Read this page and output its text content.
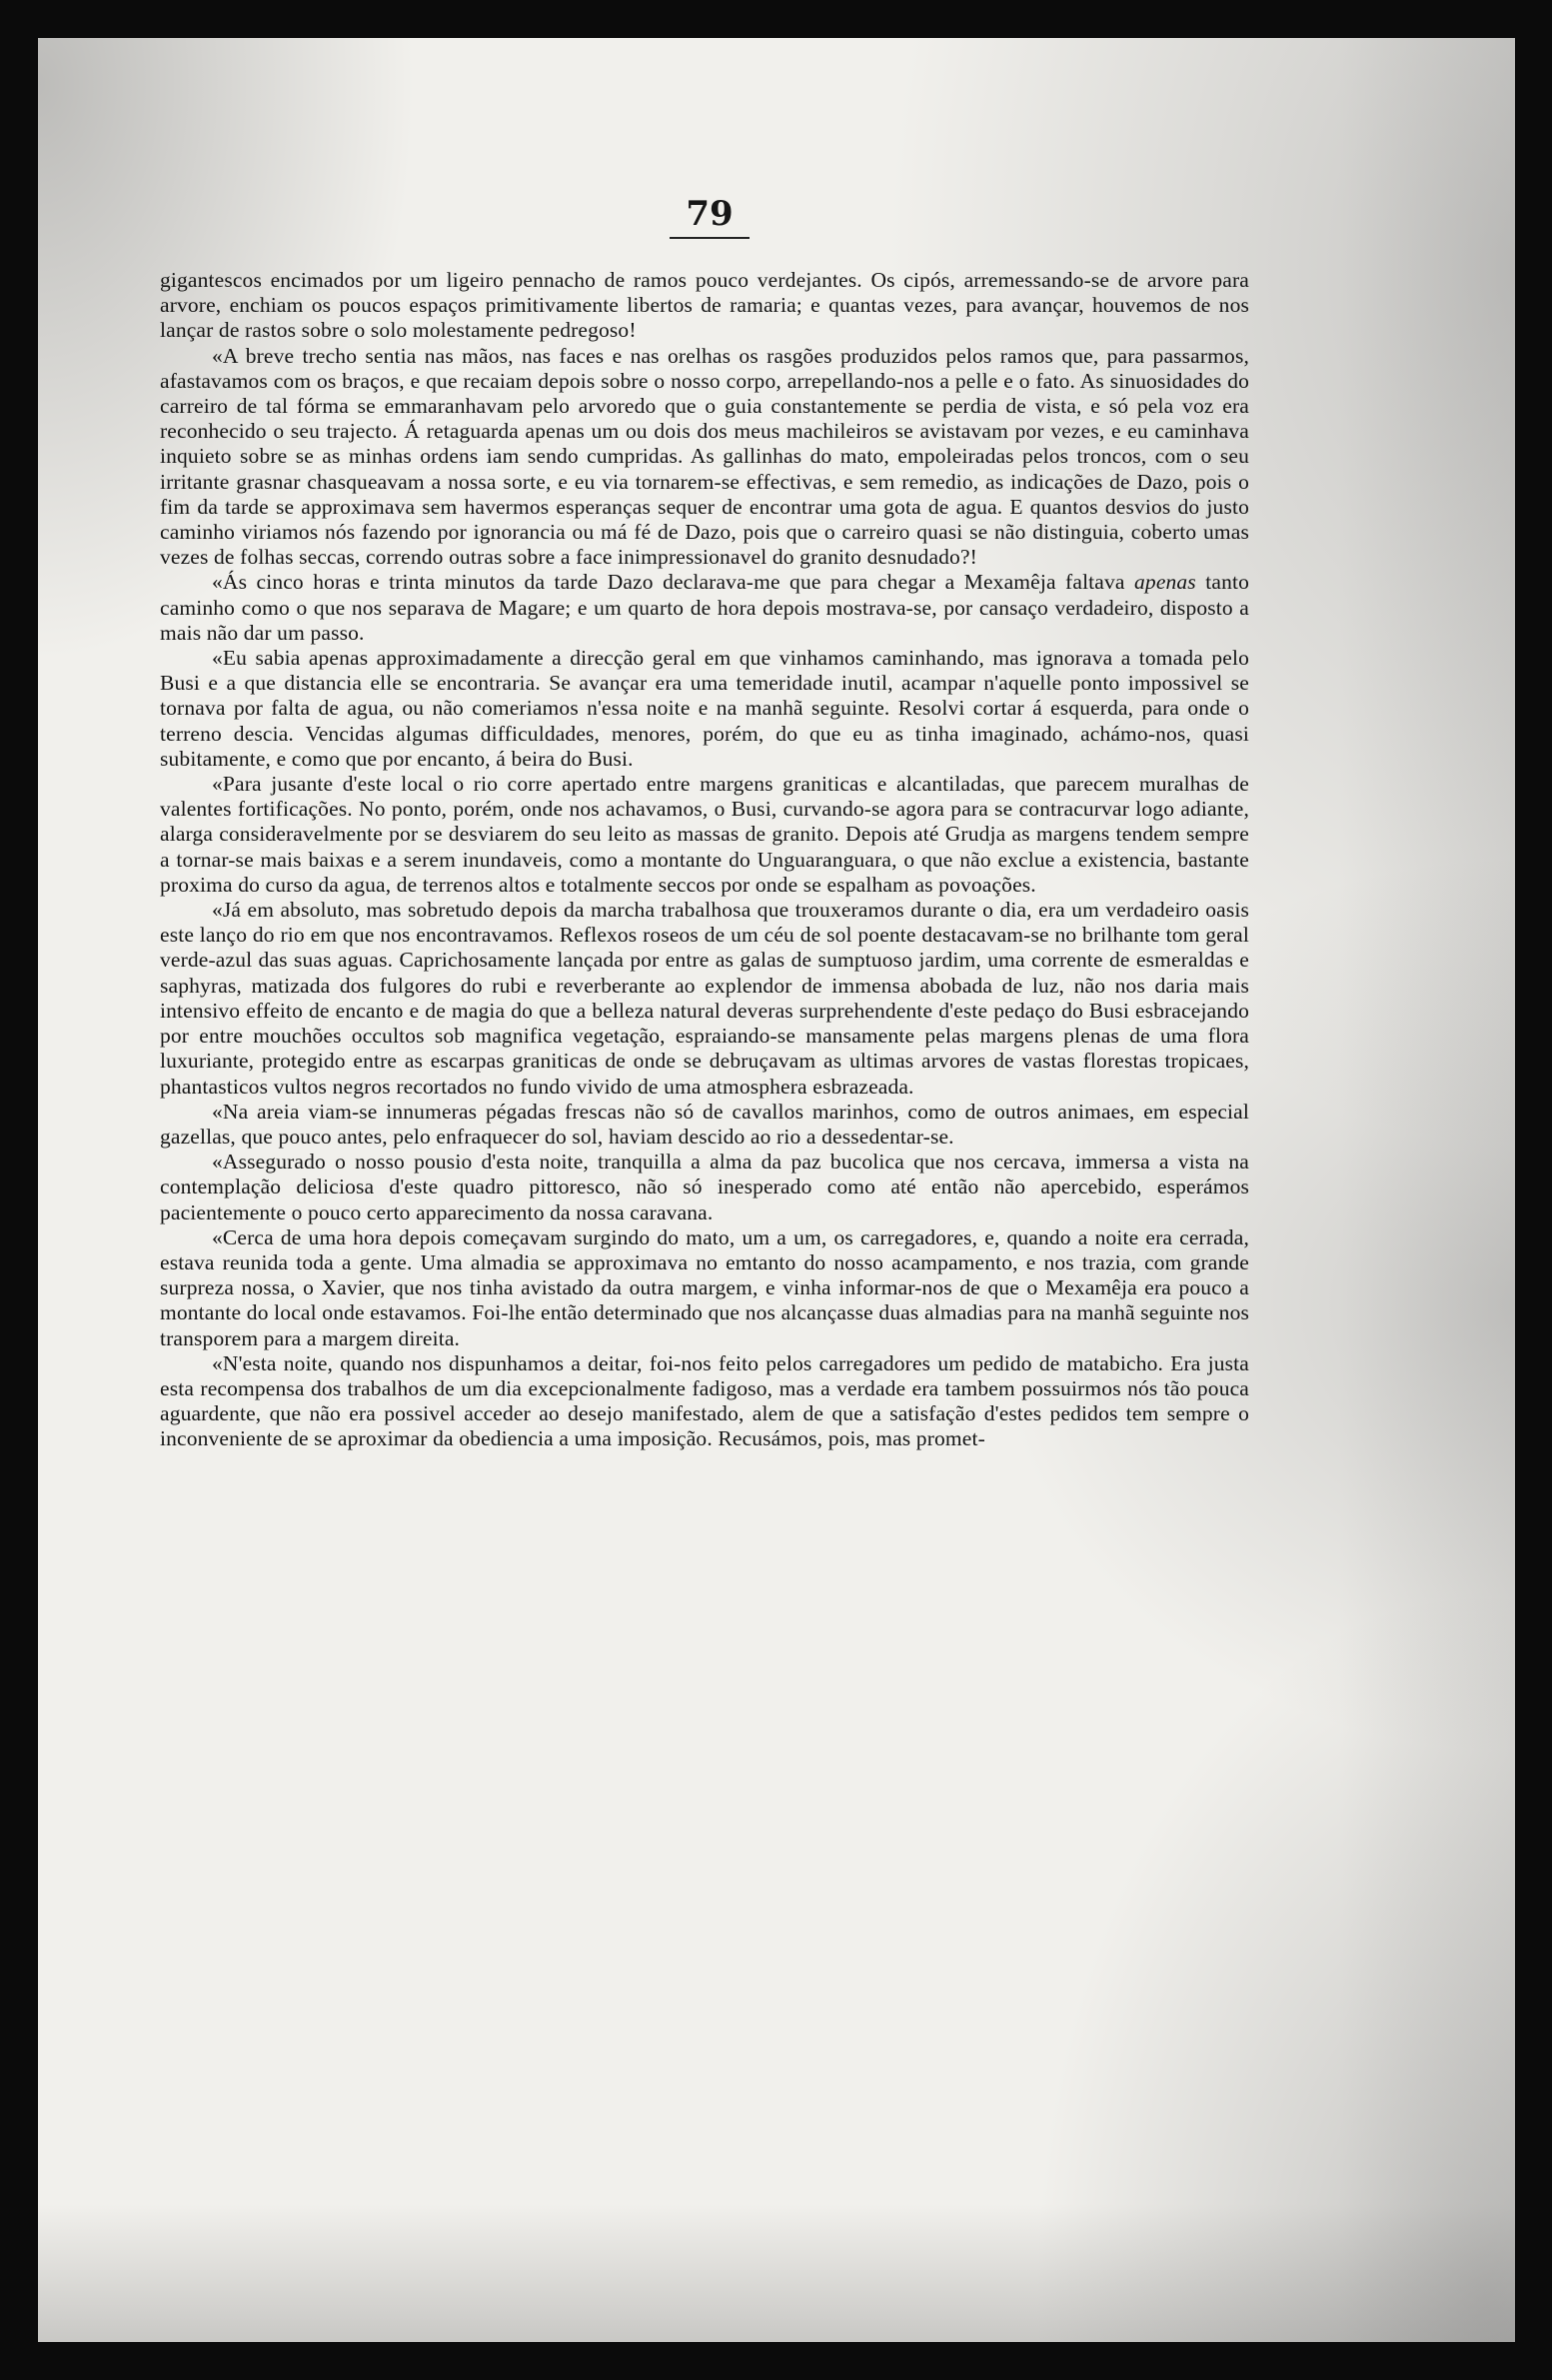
79

gigantescos encimados por um ligeiro pennacho de ramos pouco verdejantes. Os cipós, arremessando-se de arvore para arvore, enchiam os poucos espaços primitivamente libertos de ramaria; e quantas vezes, para avançar, houvemos de nos lançar de rastos sobre o solo molestamente pedregoso!

«A breve trecho sentia nas mãos, nas faces e nas orelhas os rasgões produzidos pelos ramos que, para passarmos, afastavamos com os braços, e que recaiam depois sobre o nosso corpo, arrepellando-nos a pelle e o fato. As sinuosidades do carreiro de tal fórma se emmaranhavam pelo arvoredo que o guia constantemente se perdia de vista, e só pela voz era reconhecido o seu trajecto. Á retaguarda apenas um ou dois dos meus machileiros se avistavam por vezes, e eu caminhava inquieto sobre se as minhas ordens iam sendo cumpridas. As gallinhas do mato, empoleiradas pelos troncos, com o seu irritante grasnar chasqueavam a nossa sorte, e eu via tornarem-se effectivas, e sem remedio, as indicações de Dazo, pois o fim da tarde se approximava sem havermos esperanças sequer de encontrar uma gota de agua. E quantos desvios do justo caminho viriamos nós fazendo por ignorancia ou má fé de Dazo, pois que o carreiro quasi se não distinguia, coberto umas vezes de folhas seccas, correndo outras sobre a face inimpressionavel do granito desnudado?!

«Ás cinco horas e trinta minutos da tarde Dazo declarava-me que para chegar a Mexamêja faltava apenas tanto caminho como o que nos separava de Magare; e um quarto de hora depois mostrava-se, por cansaço verdadeiro, disposto a mais não dar um passo.

«Eu sabia apenas approximadamente a direcção geral em que vinhamos caminhando, mas ignorava a tomada pelo Busi e a que distancia elle se encontraria. Se avançar era uma temeridade inutil, acampar n'aquelle ponto impossivel se tornava por falta de agua, ou não comeriamos n'essa noite e na manhã seguinte. Resolvi cortar á esquerda, para onde o terreno descia. Vencidas algumas difficuldades, menores, porém, do que eu as tinha imaginado, achámo-nos, quasi subitamente, e como que por encanto, á beira do Busi.

«Para jusante d'este local o rio corre apertado entre margens graniticas e alcantiladas, que parecem muralhas de valentes fortificações. No ponto, porém, onde nos achavamos, o Busi, curvando-se agora para se contracurvar logo adiante, alarga consideravelmente por se desviarem do seu leito as massas de granito. Depois até Grudja as margens tendem sempre a tornar-se mais baixas e a serem inundaveis, como a montante do Unguaranguara, o que não exclue a existencia, bastante proxima do curso da agua, de terrenos altos e totalmente seccos por onde se espalham as povoações.

«Já em absoluto, mas sobretudo depois da marcha trabalhosa que trouxeramos durante o dia, era um verdadeiro oasis este lanço do rio em que nos encontravamos. Reflexos roseos de um céu de sol poente destacavam-se no brilhante tom geral verde-azul das suas aguas. Caprichosamente lançada por entre as galas de sumptuoso jardim, uma corrente de esmeraldas e saphyras, matizada dos fulgores do rubi e reverberante ao explendor de immensa abobada de luz, não nos daria mais intensivo effeito de encanto e de magia do que a belleza natural deveras surprehendente d'este pedaço do Busi esbracejando por entre mouchões occultos sob magnifica vegetação, espraiando-se mansamente pelas margens plenas de uma flora luxuriante, protegido entre as escarpas graniticas de onde se debruçavam as ultimas arvores de vastas florestas tropicaes, phantasticos vultos negros recortados no fundo vivido de uma atmosphera esbrazeada.

«Na areia viam-se innumeras pégadas frescas não só de cavallos marinhos, como de outros animaes, em especial gazellas, que pouco antes, pelo enfraquecer do sol, haviam descido ao rio a dessedentar-se.

«Assegurado o nosso pousio d'esta noite, tranquilla a alma da paz bucolica que nos cercava, immersa a vista na contemplação deliciosa d'este quadro pittoresco, não só inesperado como até então não apercebido, esperámos pacientemente o pouco certo apparecimento da nossa caravana.

«Cerca de uma hora depois começavam surgindo do mato, um a um, os carregadores, e, quando a noite era cerrada, estava reunida toda a gente. Uma almadia se approximava no emtanto do nosso acampamento, e nos trazia, com grande surpreza nossa, o Xavier, que nos tinha avistado da outra margem, e vinha informar-nos de que o Mexamêja era pouco a montante do local onde estavamos. Foi-lhe então determinado que nos alcançasse duas almadias para na manhã seguinte nos transporem para a margem direita.

«N'esta noite, quando nos dispunhamos a deitar, foi-nos feito pelos carregadores um pedido de matabicho. Era justa esta recompensa dos trabalhos de um dia excepcionalmente fadigoso, mas a verdade era tambem possuirmos nós tão pouca aguardente, que não era possivel acceder ao desejo manifestado, alem de que a satisfação d'estes pedidos tem sempre o inconveniente de se aproximar da obediencia a uma imposição. Recusámos, pois, mas promet-
